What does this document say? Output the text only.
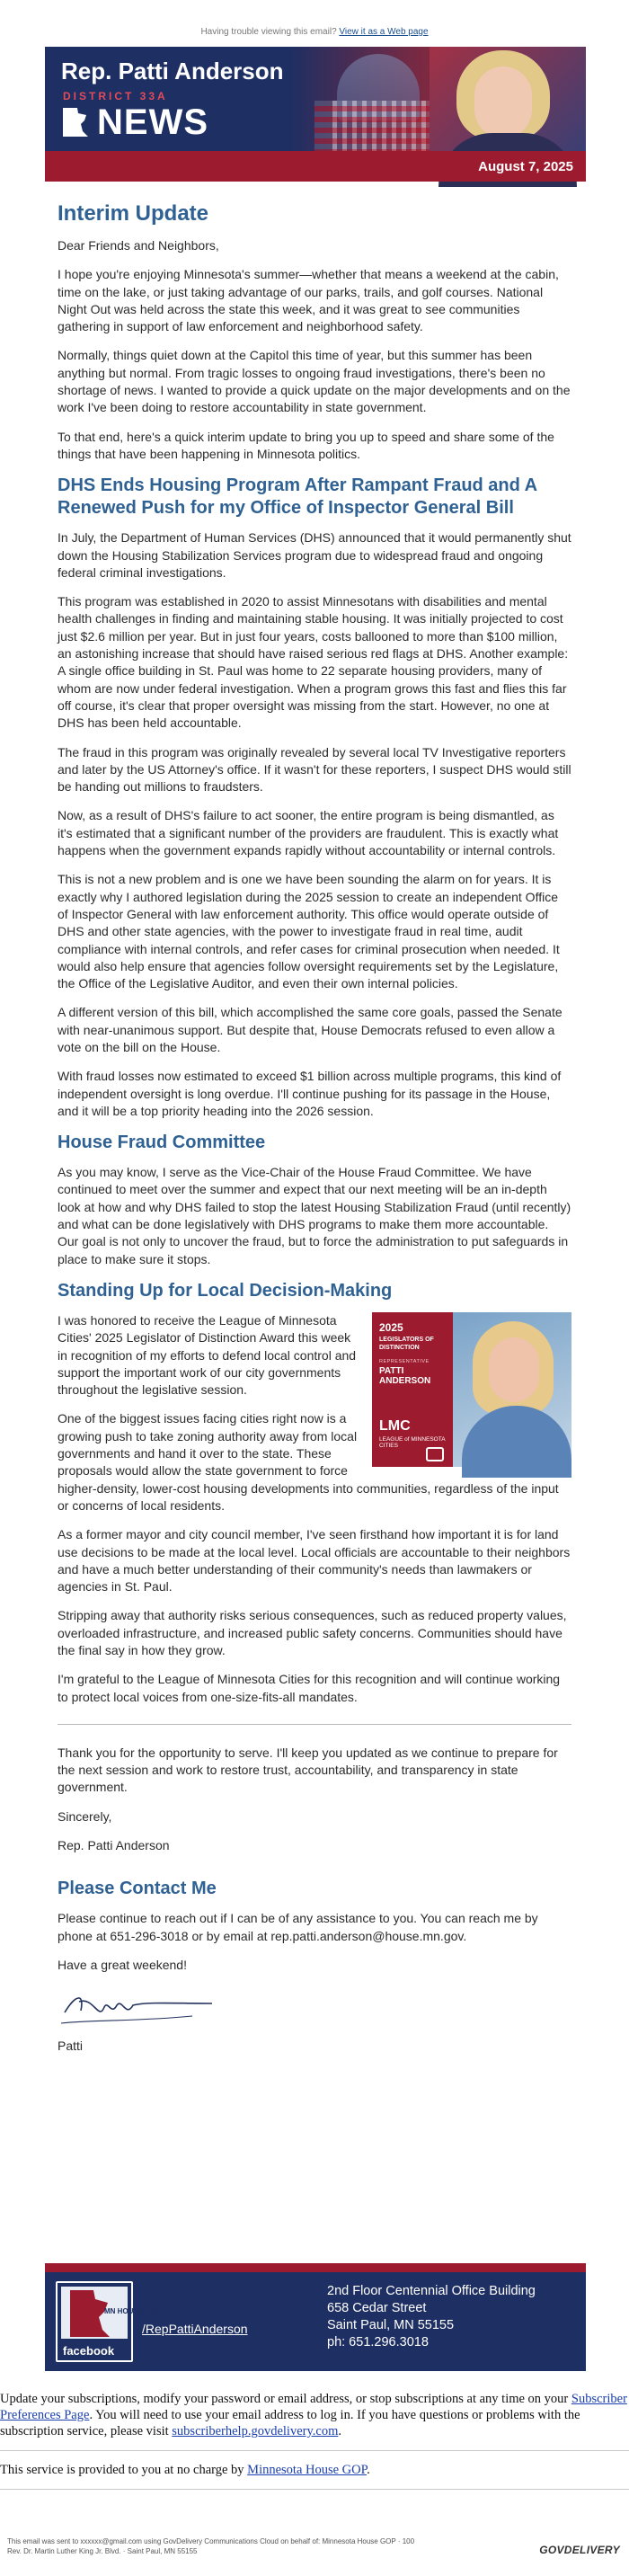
Having trouble viewing this email? View it as a Web page
Rep. Patti Anderson
DISTRICT 33A
NEWS
August 7, 2025
Interim Update

Dear Friends and Neighbors,

I hope you're enjoying Minnesota's summer—whether that means a weekend at the cabin, time on the lake, or just taking advantage of our parks, trails, and golf courses. National Night Out was held across the state this week, and it was great to see communities gathering in support of law enforcement and neighborhood safety.

Normally, things quiet down at the Capitol this time of year, but this summer has been anything but normal. From tragic losses to ongoing fraud investigations, there's been no shortage of news. I wanted to provide a quick update on the major developments and on the work I've been doing to restore accountability in state government.

To that end, here's a quick interim update to bring you up to speed and share some of the things that have been happening in Minnesota politics.

DHS Ends Housing Program After Rampant Fraud and A Renewed Push for my Office of Inspector General Bill

In July, the Department of Human Services (DHS) announced that it would permanently shut down the Housing Stabilization Services program due to widespread fraud and ongoing federal criminal investigations.

This program was established in 2020 to assist Minnesotans with disabilities and mental health challenges in finding and maintaining stable housing. It was initially projected to cost just $2.6 million per year. But in just four years, costs ballooned to more than $100 million, an astonishing increase that should have raised serious red flags at DHS. Another example: A single office building in St. Paul was home to 22 separate housing providers, many of whom are now under federal investigation. When a program grows this fast and flies this far off course, it's clear that proper oversight was missing from the start. However, no one at DHS has been held accountable.

The fraud in this program was originally revealed by several local TV Investigative reporters and later by the US Attorney's office. If it wasn't for these reporters, I suspect DHS would still be handing out millions to fraudsters.

Now, as a result of DHS's failure to act sooner, the entire program is being dismantled, as it's estimated that a significant number of the providers are fraudulent. This is exactly what happens when the government expands rapidly without accountability or internal controls.

This is not a new problem and is one we have been sounding the alarm on for years. It is exactly why I authored legislation during the 2025 session to create an independent Office of Inspector General with law enforcement authority. This office would operate outside of DHS and other state agencies, with the power to investigate fraud in real time, audit compliance with internal controls, and refer cases for criminal prosecution when needed. It would also help ensure that agencies follow oversight requirements set by the Legislature, the Office of the Legislative Auditor, and even their own internal policies.

A different version of this bill, which accomplished the same core goals, passed the Senate with near-unanimous support. But despite that, House Democrats refused to even allow a vote on the bill on the House.

With fraud losses now estimated to exceed $1 billion across multiple programs, this kind of independent oversight is long overdue. I'll continue pushing for its passage in the House, and it will be a top priority heading into the 2026 session.

House Fraud Committee

As you may know, I serve as the Vice-Chair of the House Fraud Committee. We have continued to meet over the summer and expect that our next meeting will be an in-depth look at how and why DHS failed to stop the latest Housing Stabilization Fraud (until recently) and what can be done legislatively with DHS programs to make them more accountable. Our goal is not only to uncover the fraud, but to force the administration to put safeguards in place to make sure it stops.

Standing Up for Local Decision-Making
2025
LEGISLATORS OF DISTINCTION
REPRESENTATIVE
PATTI ANDERSON
LMC
LEAGUE of MINNESOTA CITIES

I was honored to receive the League of Minnesota Cities' 2025 Legislator of Distinction Award this week in recognition of my efforts to defend local control and support the important work of our city governments throughout the legislative session.

One of the biggest issues facing cities right now is a growing push to take zoning authority away from local governments and hand it over to the state. These proposals would allow the state government to force higher-density, lower-cost housing developments into communities, regardless of the input or concerns of local residents.

As a former mayor and city council member, I've seen firsthand how important it is for land use decisions to be made at the local level. Local officials are accountable to their neighbors and have a much better understanding of their community's needs than lawmakers or agencies in St. Paul.

Stripping away that authority risks serious consequences, such as reduced property values, overloaded infrastructure, and increased public safety concerns. Communities should have the final say in how they grow.

I'm grateful to the League of Minnesota Cities for this recognition and will continue working to protect local voices from one-size-fits-all mandates.

Thank you for the opportunity to serve. I'll keep you updated as we continue to prepare for the next session and work to restore trust, accountability, and transparency in state government.

Sincerely,

Rep. Patti Anderson

Please Contact Me

Please continue to reach out if I can be of any assistance to you. You can reach me by phone at 651-296-3018 or by email at rep.patti.anderson@house.mn.gov.

Have a great weekend!

Patti

MN HOUSE GOP
facebook
/RepPattiAnderson
2nd Floor Centennial Office Building
658 Cedar Street
Saint Paul, MN 55155
ph: 651.296.3018
Update your subscriptions, modify your password or email address, or stop subscriptions at any time on your Subscriber Preferences Page. You will need to use your email address to log in. If you have questions or problems with the subscription service, please visit subscriberhelp.govdelivery.com.
This service is provided to you at no charge by Minnesota House GOP.
This email was sent to xxxxxx@gmail.com using GovDelivery Communications Cloud on behalf of: Minnesota House GOP · 100
Rev. Dr. Martin Luther King Jr. Blvd. · Saint Paul, MN 55155	GOVDELIVERY
